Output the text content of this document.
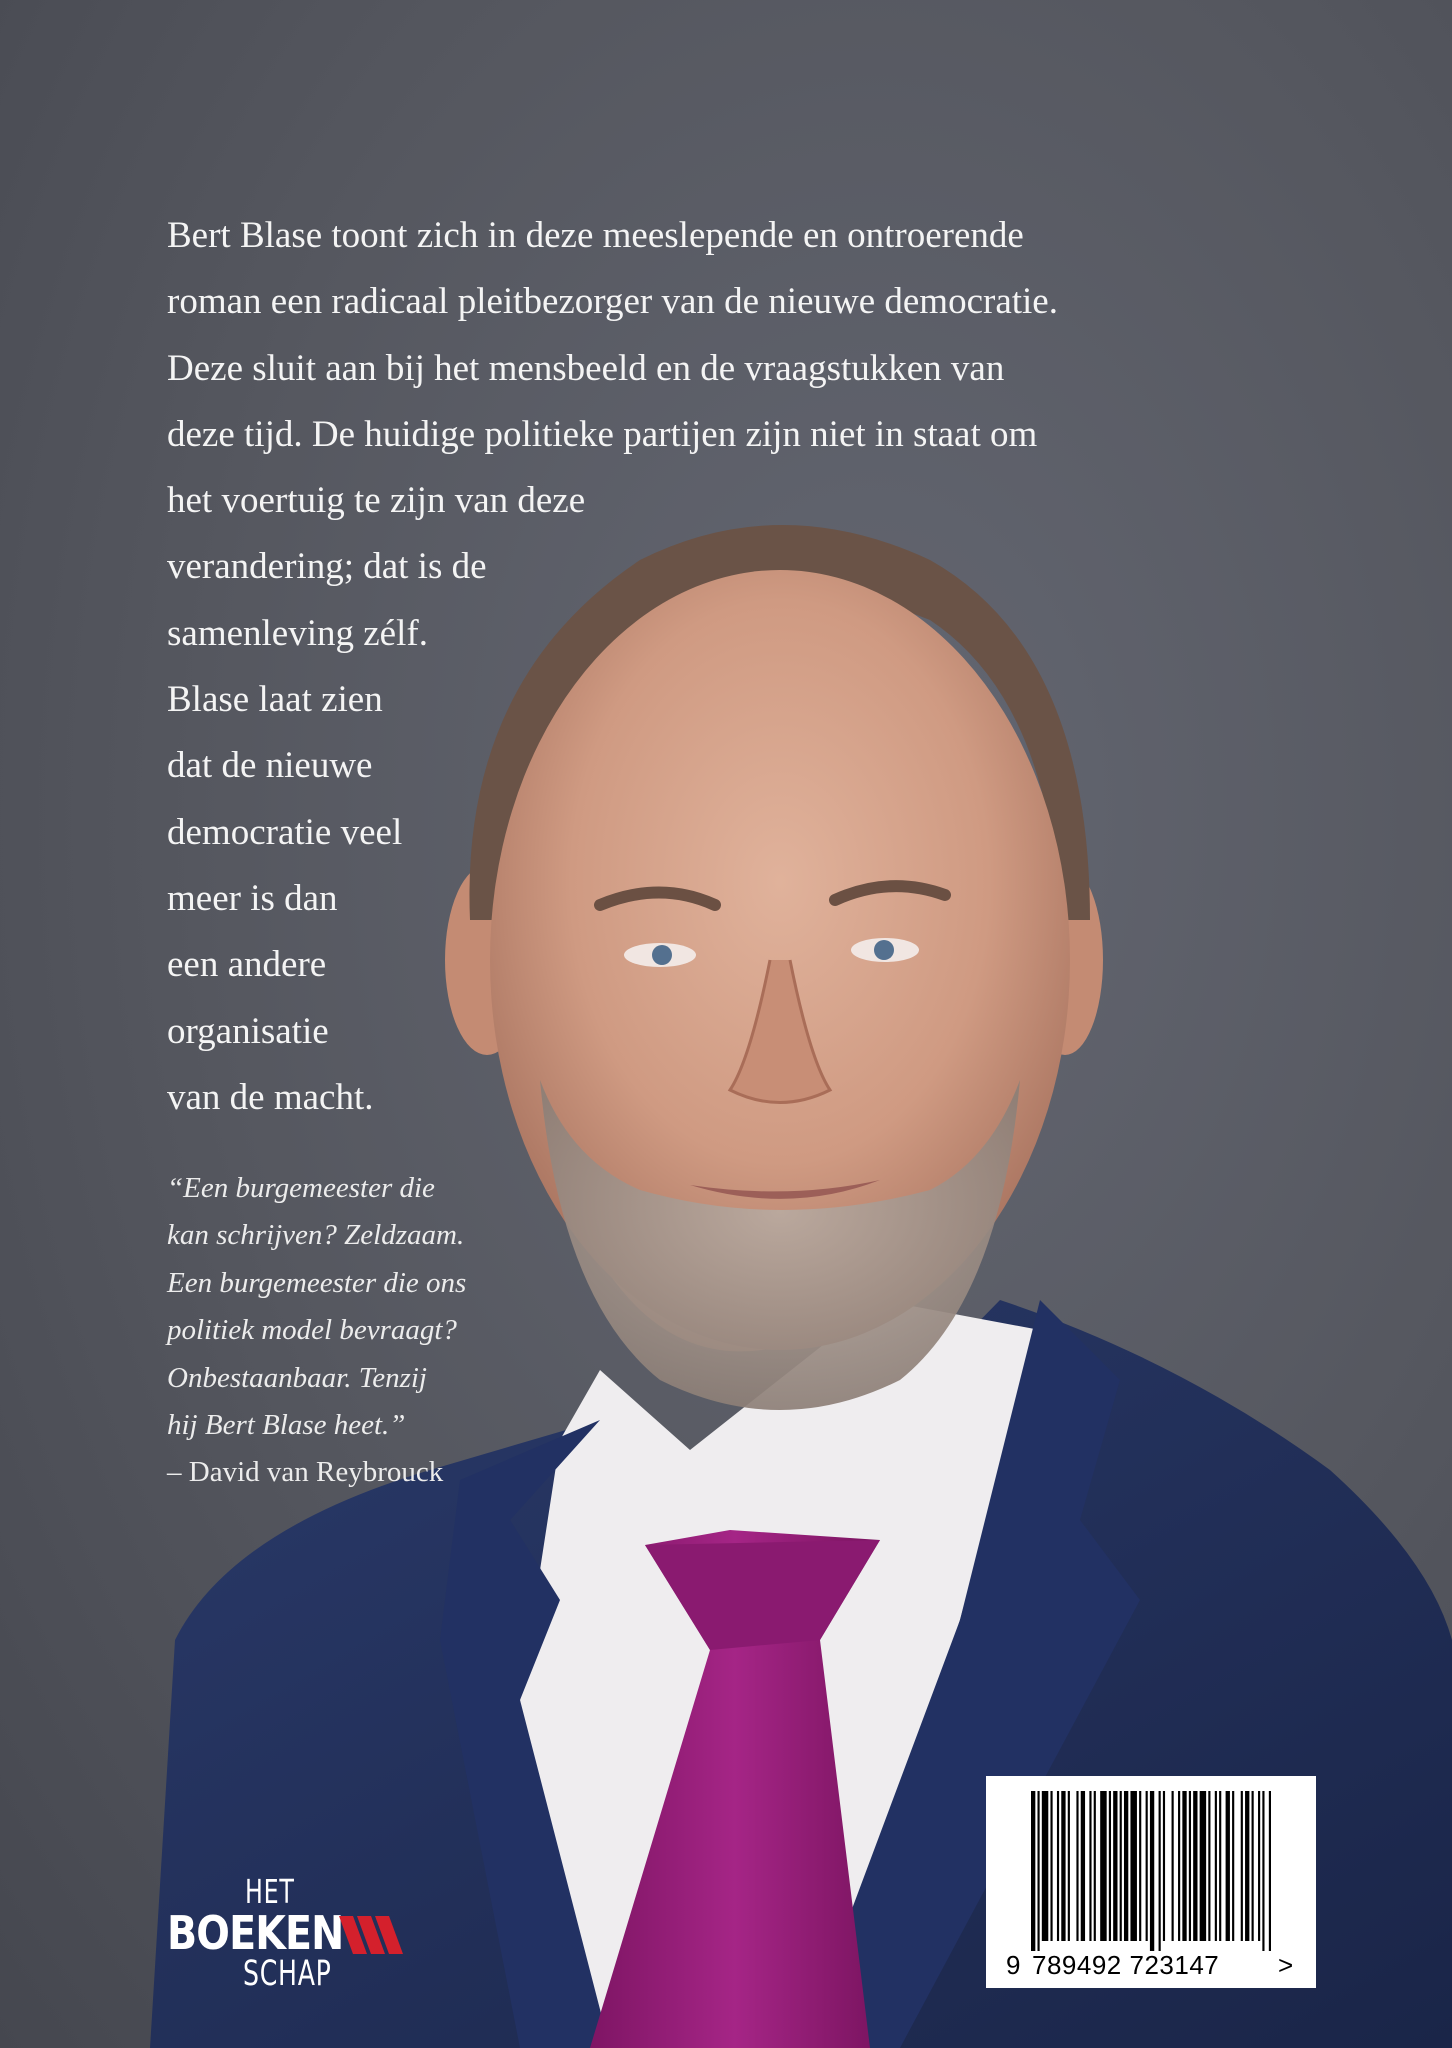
Bert Blase toont zich in deze meeslepende en ontroerende
roman een radicaal pleitbezorger van de nieuwe democratie.
Deze sluit aan bij het mensbeeld en de vraagstukken van
deze tijd. De huidige politieke partijen zijn niet in staat om
het voertuig te zijn van deze
verandering; dat is de
samenleving zélf.
Blase laat zien
dat de nieuwe
democratie veel
meer is dan
een andere
organisatie
van de macht.
“Een burgemeester die
kan schrijven? Zeldzaam.
Een burgemeester die ons
politiek model bevraagt?
Onbestaanbaar. Tenzij
hij Bert Blase heet.”
– David van Reybrouck
HET
BOEKEN
SCHAP	9 789492 723147 >
